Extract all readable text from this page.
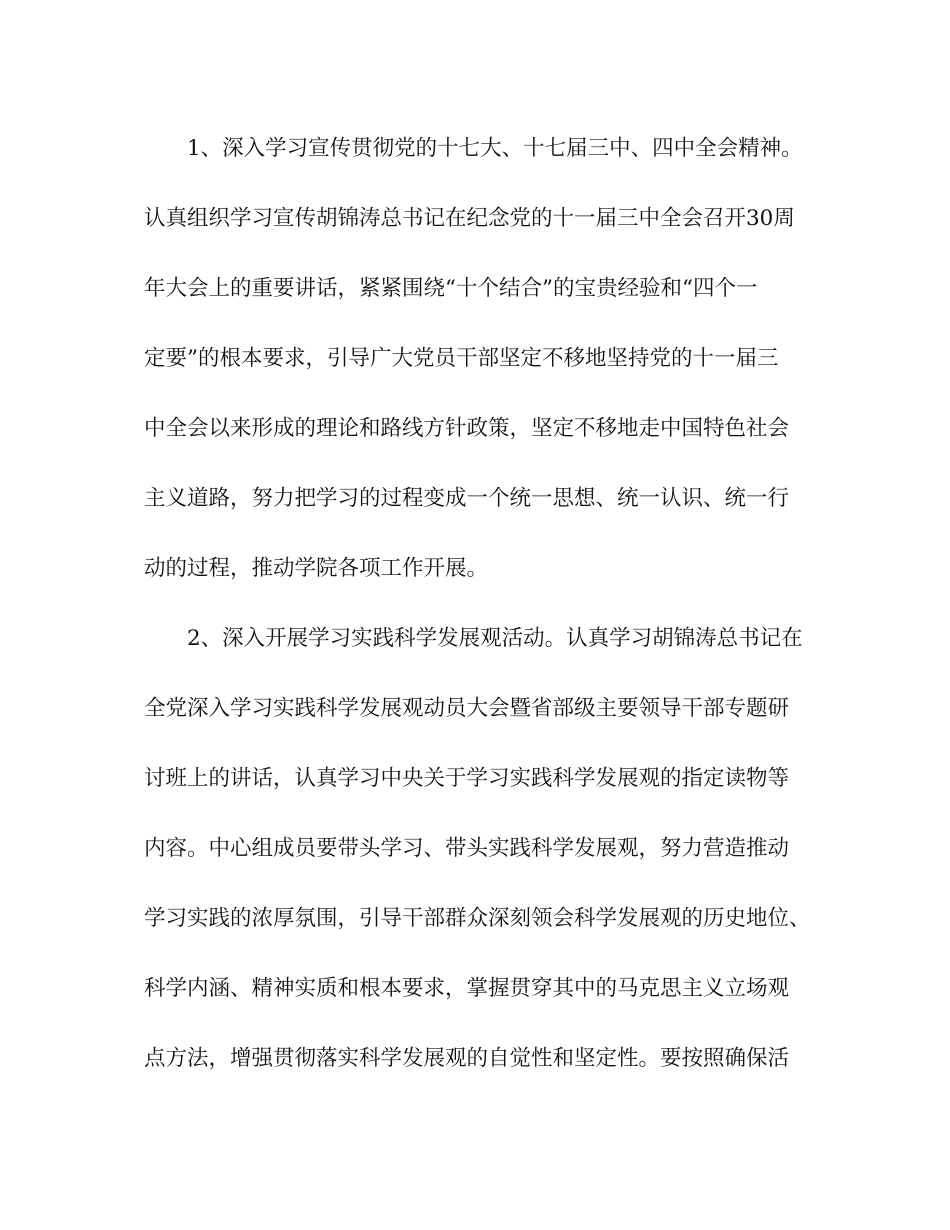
1、深入学习宣传贯彻党的十七大、十七届三中、四中全会精神。
认真组织学习宣传胡锦涛总书记在纪念党的十一届三中全会召开30周
年大会上的重要讲话，紧紧围绕“十个结合”的宝贵经验和“四个一
定要”的根本要求，引导广大党员干部坚定不移地坚持党的十一届三
中全会以来形成的理论和路线方针政策，坚定不移地走中国特色社会
主义道路，努力把学习的过程变成一个统一思想、统一认识、统一行
动的过程，推动学院各项工作开展。
2、深入开展学习实践科学发展观活动。认真学习胡锦涛总书记在
全党深入学习实践科学发展观动员大会暨省部级主要领导干部专题研
讨班上的讲话，认真学习中央关于学习实践科学发展观的指定读物等
内容。中心组成员要带头学习、带头实践科学发展观，努力营造推动
学习实践的浓厚氛围，引导干部群众深刻领会科学发展观的历史地位、
科学内涵、精神实质和根本要求，掌握贯穿其中的马克思主义立场观
点方法，增强贯彻落实科学发展观的自觉性和坚定性。要按照确保活
